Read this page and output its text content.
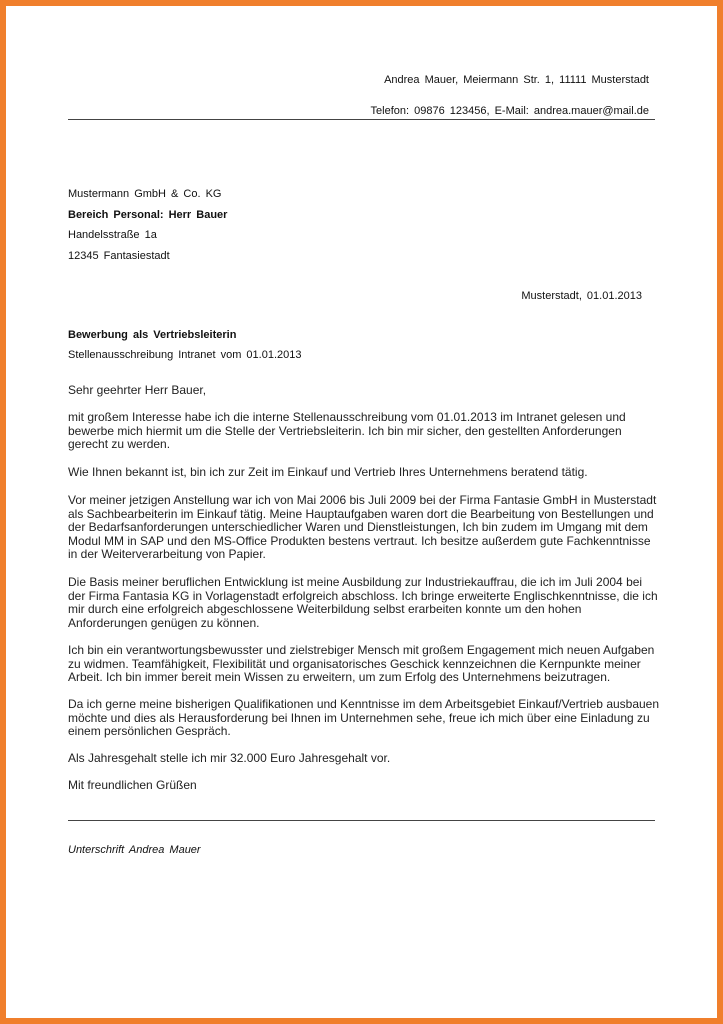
Andrea Mauer, Meiermann Str. 1, 11111 Musterstadt
Telefon: 09876 123456, E-Mail: andrea.mauer@mail.de
Mustermann GmbH & Co. KG
Bereich Personal: Herr Bauer
Handelsstraße 1a
12345 Fantasiestadt
Musterstadt, 01.01.2013
Bewerbung als Vertriebsleiterin
Stellenausschreibung Intranet vom 01.01.2013
Sehr geehrter Herr Bauer,
mit großem Interesse habe ich die interne Stellenausschreibung vom 01.01.2013 im Intranet gelesen und
bewerbe mich hiermit um die Stelle der Vertriebsleiterin. Ich bin mir sicher, den gestellten Anforderungen
gerecht zu werden.
Wie Ihnen bekannt ist, bin ich zur Zeit im Einkauf und Vertrieb Ihres Unternehmens beratend tätig.
Vor meiner jetzigen Anstellung war ich von Mai 2006 bis Juli 2009 bei der Firma Fantasie GmbH in Musterstadt
als Sachbearbeiterin im Einkauf tätig. Meine Hauptaufgaben waren dort die Bearbeitung von Bestellungen und
der Bedarfsanforderungen unterschiedlicher Waren und Dienstleistungen, Ich bin zudem im Umgang mit dem
Modul MM in SAP und den MS-Office Produkten bestens vertraut. Ich besitze außerdem gute Fachkenntnisse
in der Weiterverarbeitung von Papier.
Die Basis meiner beruflichen Entwicklung ist meine Ausbildung zur Industriekauffrau, die ich im Juli 2004 bei
der Firma Fantasia KG in Vorlagenstadt erfolgreich abschloss. Ich bringe erweiterte Englischkenntnisse, die ich
mir durch eine erfolgreich abgeschlossene Weiterbildung selbst erarbeiten konnte um den hohen
Anforderungen genügen zu können.
Ich bin ein verantwortungsbewusster und zielstrebiger Mensch mit großem Engagement mich neuen Aufgaben
zu widmen. Teamfähigkeit, Flexibilität und organisatorisches Geschick kennzeichnen die Kernpunkte meiner
Arbeit. Ich bin immer bereit mein Wissen zu erweitern, um zum Erfolg des Unternehmens beizutragen.
Da ich gerne meine bisherigen Qualifikationen und Kenntnisse im dem Arbeitsgebiet Einkauf/Vertrieb ausbauen
möchte und dies als Herausforderung bei Ihnen im Unternehmen sehe, freue ich mich über eine Einladung zu
einem persönlichen Gespräch.
Als Jahresgehalt stelle ich mir 32.000 Euro Jahresgehalt vor.
Mit freundlichen Grüßen
Unterschrift Andrea Mauer
